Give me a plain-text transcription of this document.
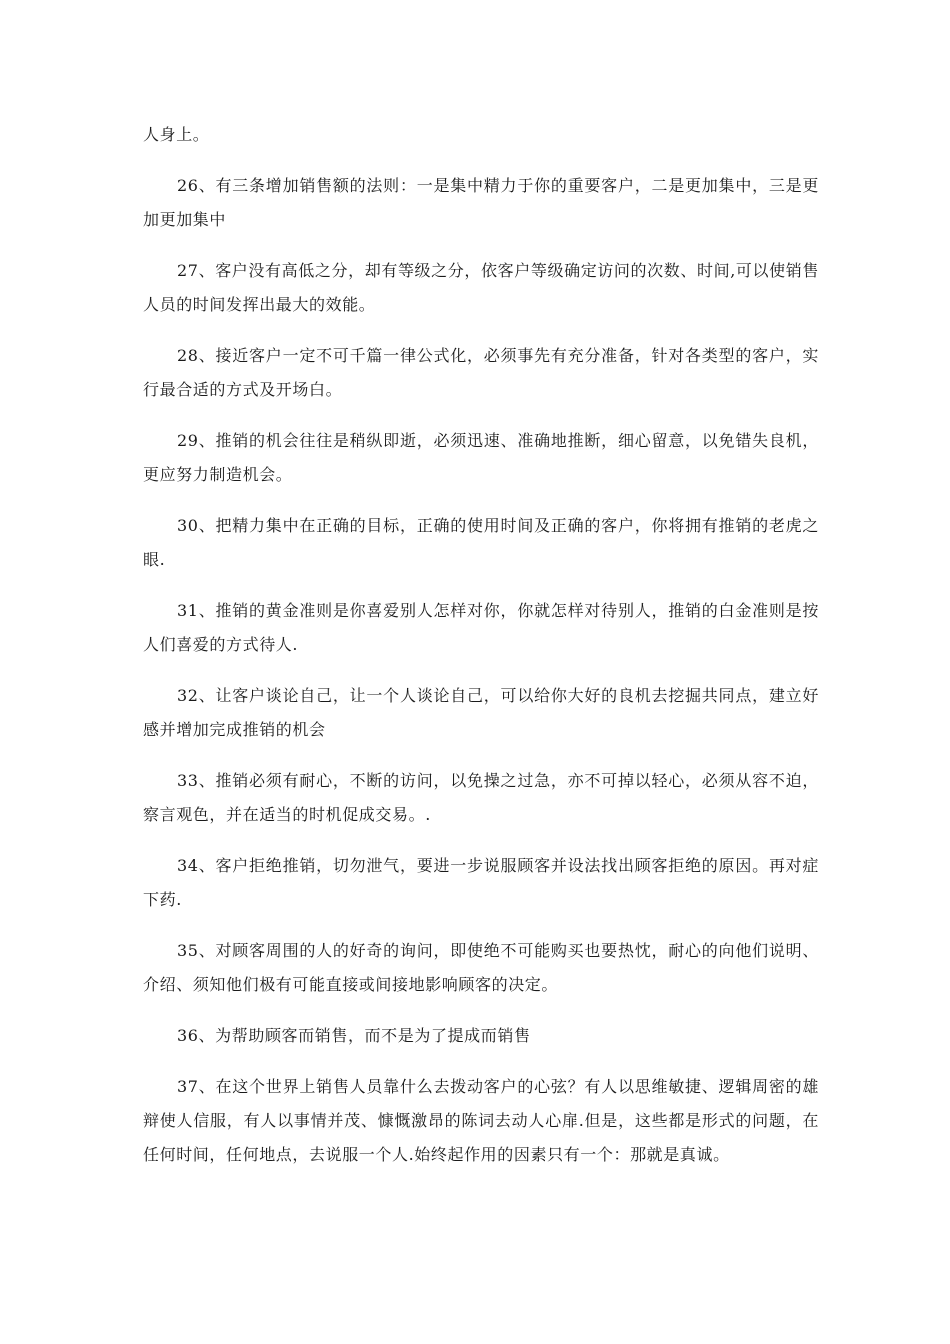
人身上。

26、有三条增加销售额的法则：一是集中精力于你的重要客户，二是更加集中，三是更加更加集中

27、客户没有高低之分，却有等级之分，依客户等级确定访问的次数、时间,可以使销售人员的时间发挥出最大的效能。

28、接近客户一定不可千篇一律公式化，必须事先有充分准备，针对各类型的客户，实行最合适的方式及开场白。

29、推销的机会往往是稍纵即逝，必须迅速、准确地推断，细心留意，以免错失良机，更应努力制造机会。

30、把精力集中在正确的目标，正确的使用时间及正确的客户，你将拥有推销的老虎之眼.

31、推销的黄金准则是你喜爱别人怎样对你，你就怎样对待别人，推销的白金准则是按人们喜爱的方式待人.

32、让客户谈论自己，让一个人谈论自己，可以给你大好的良机去挖掘共同点，建立好感并增加完成推销的机会

33、推销必须有耐心，不断的访问，以免操之过急，亦不可掉以轻心，必须从容不迫，察言观色，并在适当的时机促成交易。.

34、客户拒绝推销，切勿泄气，要进一步说服顾客并设法找出顾客拒绝的原因。再对症下药.

35、对顾客周围的人的好奇的询问，即使绝不可能购买也要热忱，耐心的向他们说明、介绍、须知他们极有可能直接或间接地影响顾客的决定。

36、为帮助顾客而销售，而不是为了提成而销售

37、在这个世界上销售人员靠什么去拨动客户的心弦？有人以思维敏捷、逻辑周密的雄辩使人信服，有人以事情并茂、慷慨激昂的陈词去动人心扉.但是，这些都是形式的问题，在任何时间，任何地点，去说服一个人.始终起作用的因素只有一个：那就是真诚。
